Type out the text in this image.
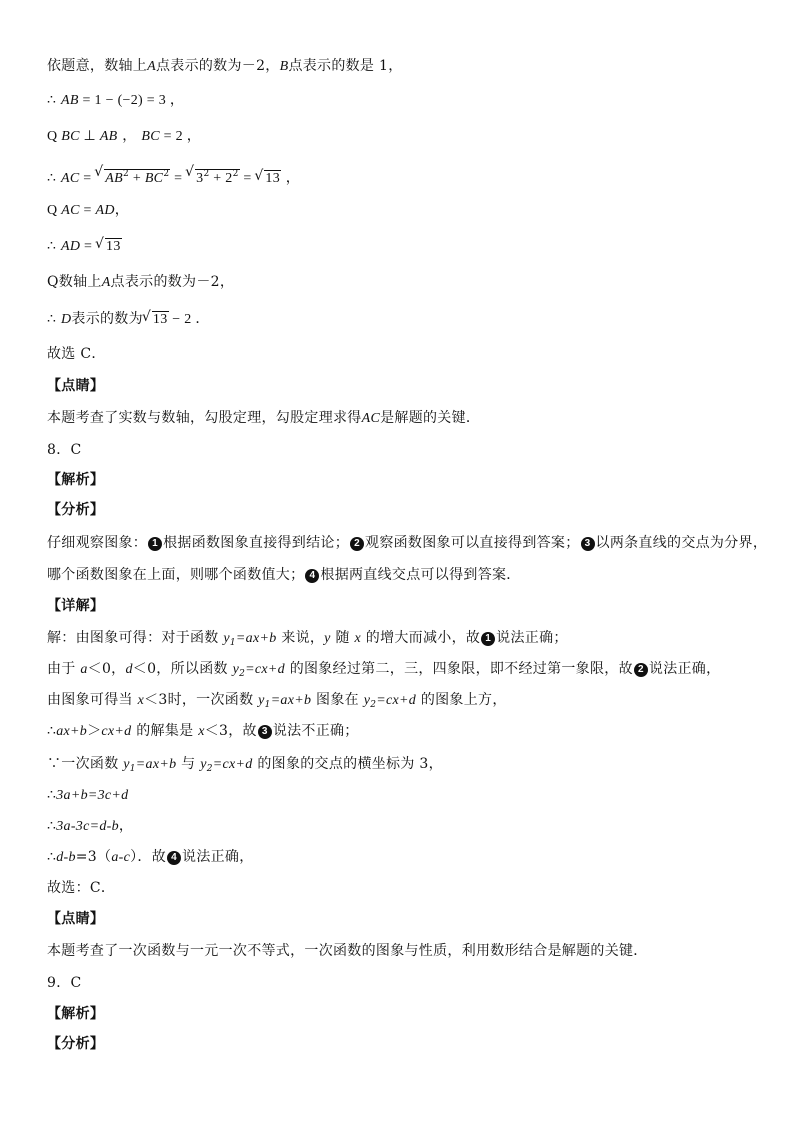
依题意，数轴上A点表示的数为－2，B点表示的数是 1，
∴ AB = 1 − (−2) = 3 ，
Q BC ⊥ AB ， BC = 2 ，
∴ AC = √ $AB^2 + BC^2$ = √ $3^2 + 2^2$ = √ 13 ，
Q AC = AD，
∴ AD = √ 13
Q数轴上A点表示的数为－2，
∴ D表示的数为√ 13 − 2 ．
故选 C．
【点睛】
本题考查了实数与数轴，勾股定理，勾股定理求得AC是解题的关键．
8．C
【解析】
【分析】
仔细观察图象： 1 根据函数图象直接得到结论； 2 观察函数图象可以直接得到答案； 3 以两条直线的交点为分界，
哪个函数图象在上面，则哪个函数值大； 4 根据两直线交点可以得到答案．
【详解】
解：由图象可得：对于函数 $y_1=ax+b$ 来说，y 随 x 的增大而减小，故 1 说法正确；
由于 a＜0，d＜0，所以函数 $y_2=cx+d$ 的图象经过第二，三，四象限，即不经过第一象限，故 2 说法正确，
由图象可得当 x＜3时，一次函数 $y_1=ax+b$ 图象在 $y_2=cx+d$ 的图象上方，
∴ax+b＞cx+d 的解集是 x＜3，故 3 说法不正确；
∵一次函数 $y_1=ax+b$ 与 $y_2=cx+d$ 的图象的交点的横坐标为 3，
∴3a+b=3c+d
∴3a-3c=d-b，
∴d-b=3（a-c）．故 4 说法正确，
故选：C．
【点睛】
本题考查了一次函数与一元一次不等式，一次函数的图象与性质，利用数形结合是解题的关键．
9．C
【解析】
【分析】
